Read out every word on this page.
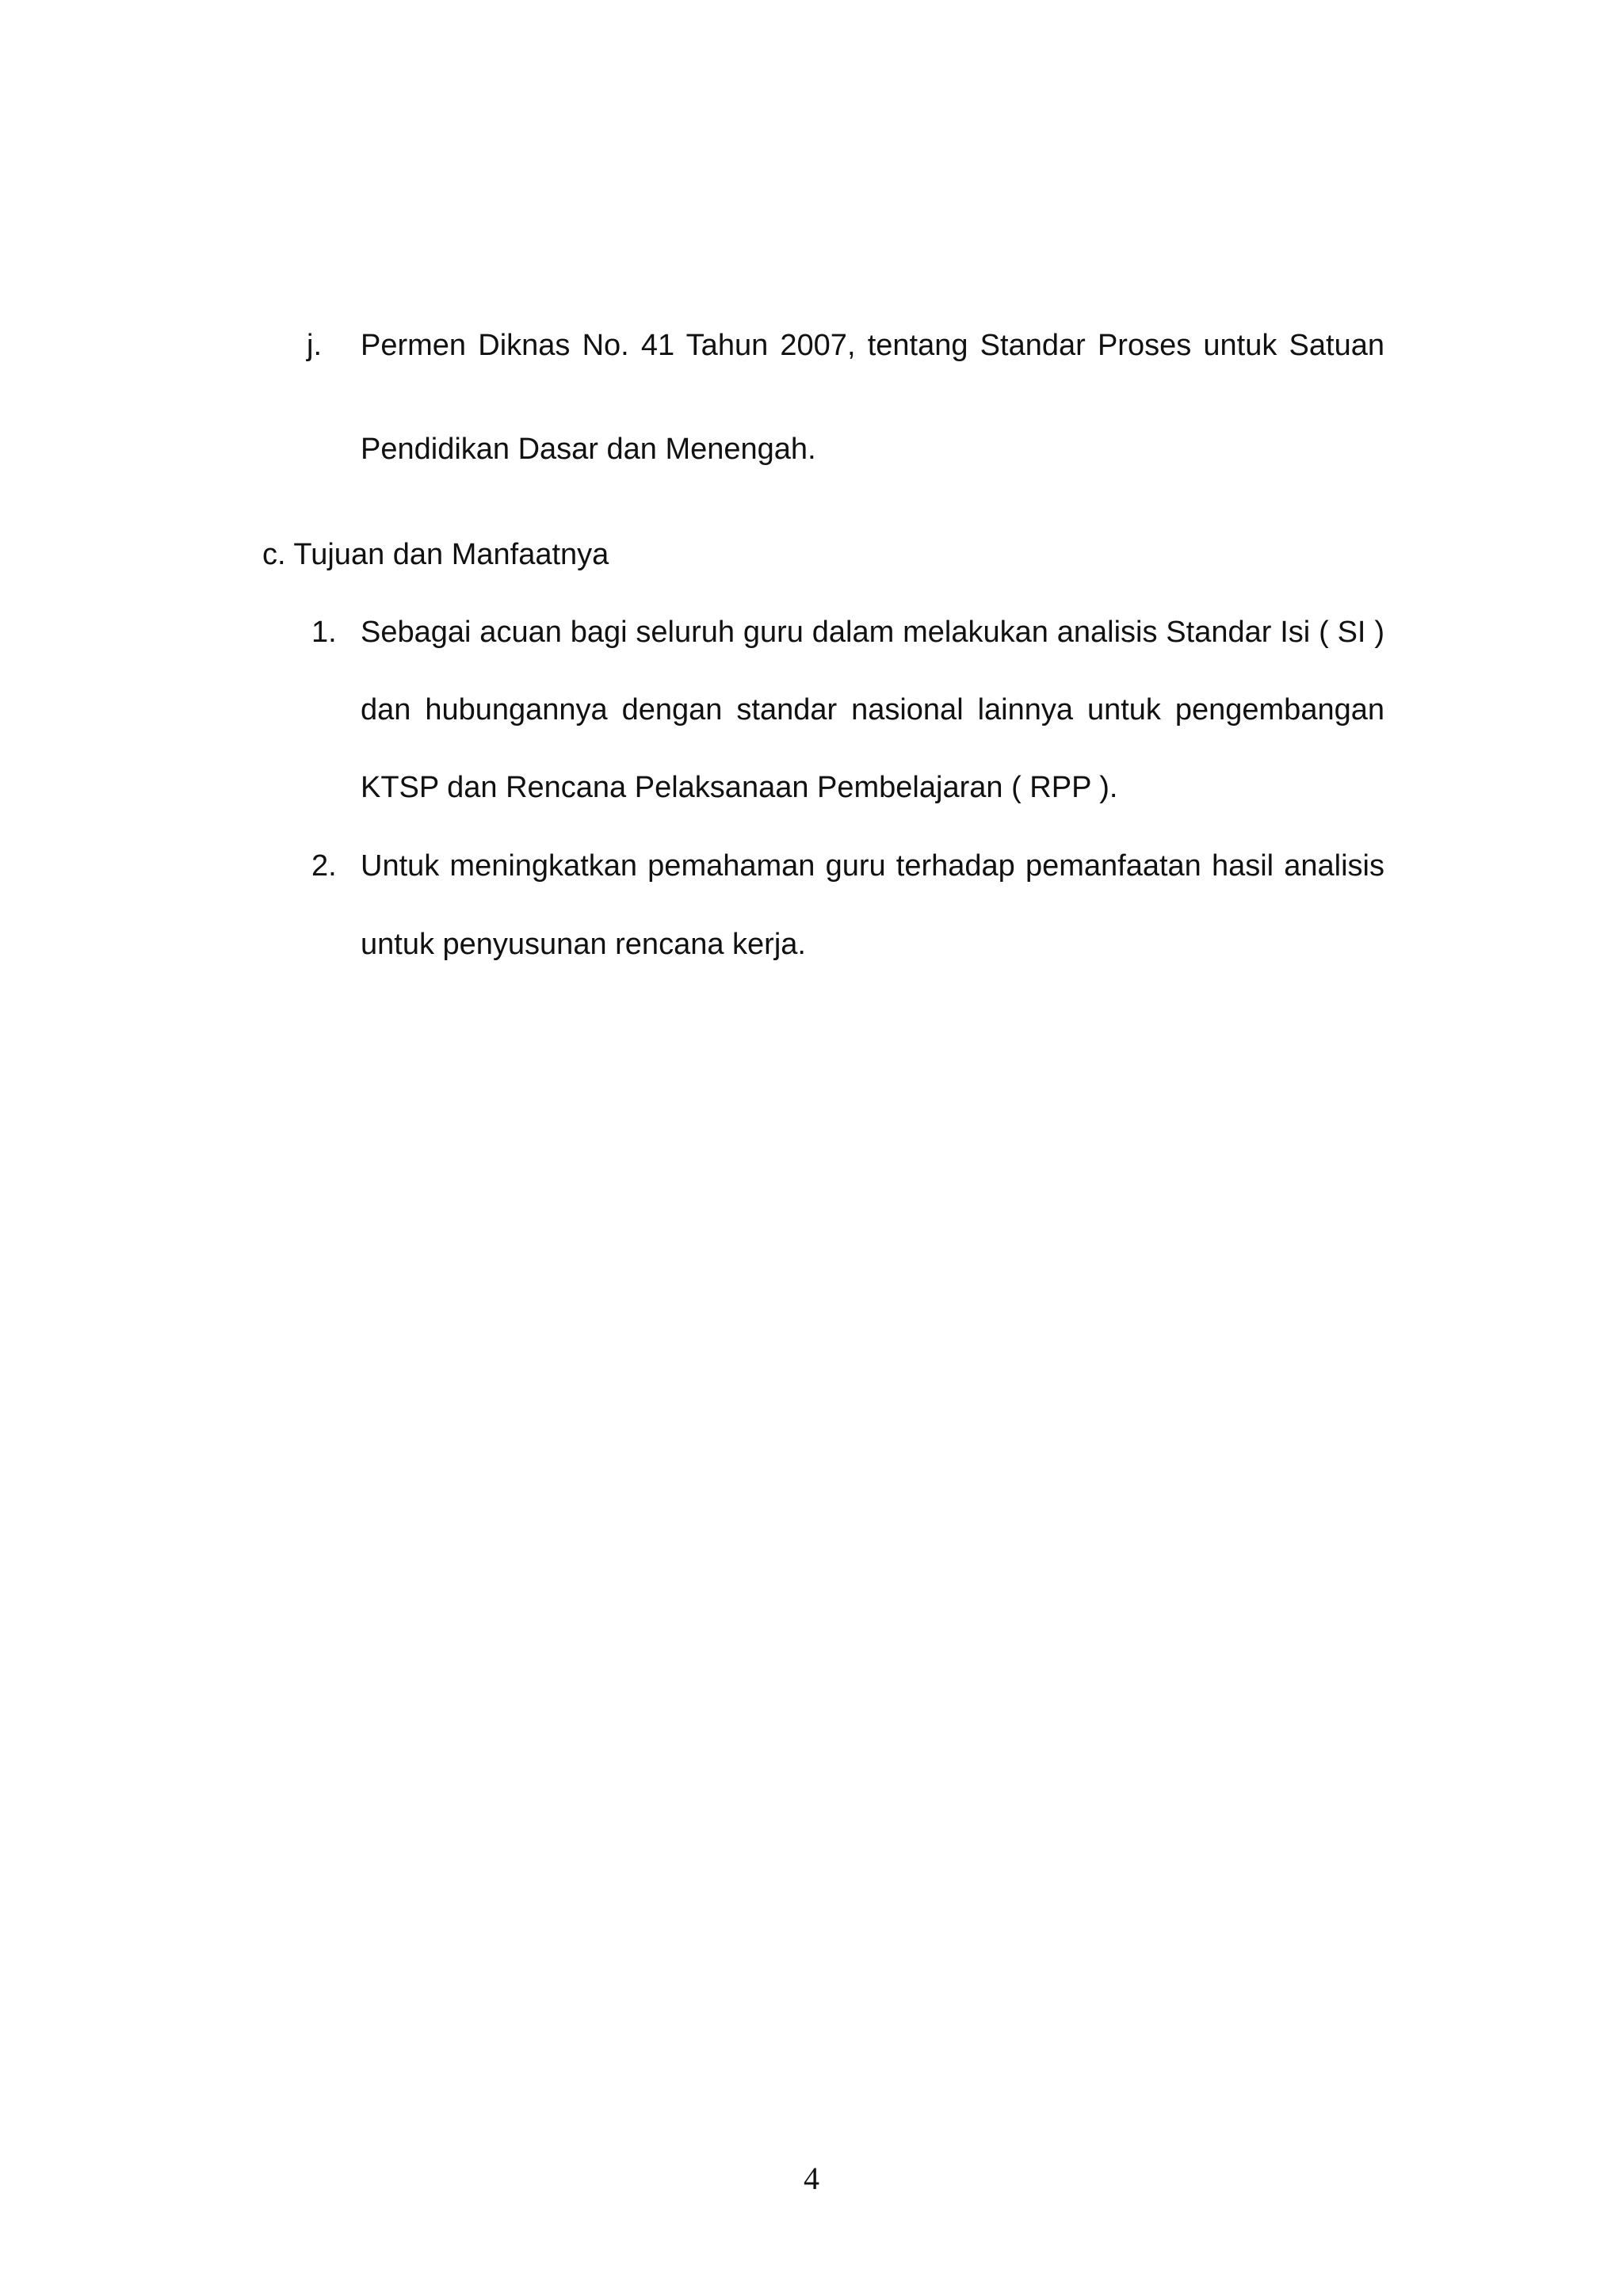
j. Permen Diknas No. 41 Tahun 2007, tentang Standar Proses untuk Satuan
Pendidikan Dasar dan Menengah.
c. Tujuan dan Manfaatnya
1. Sebagai acuan bagi seluruh guru dalam melakukan analisis Standar Isi ( SI )
dan hubungannya dengan standar nasional lainnya untuk pengembangan
KTSP dan Rencana Pelaksanaan Pembelajaran ( RPP ).
2. Untuk meningkatkan pemahaman guru terhadap pemanfaatan hasil analisis
untuk penyusunan rencana kerja.
4
